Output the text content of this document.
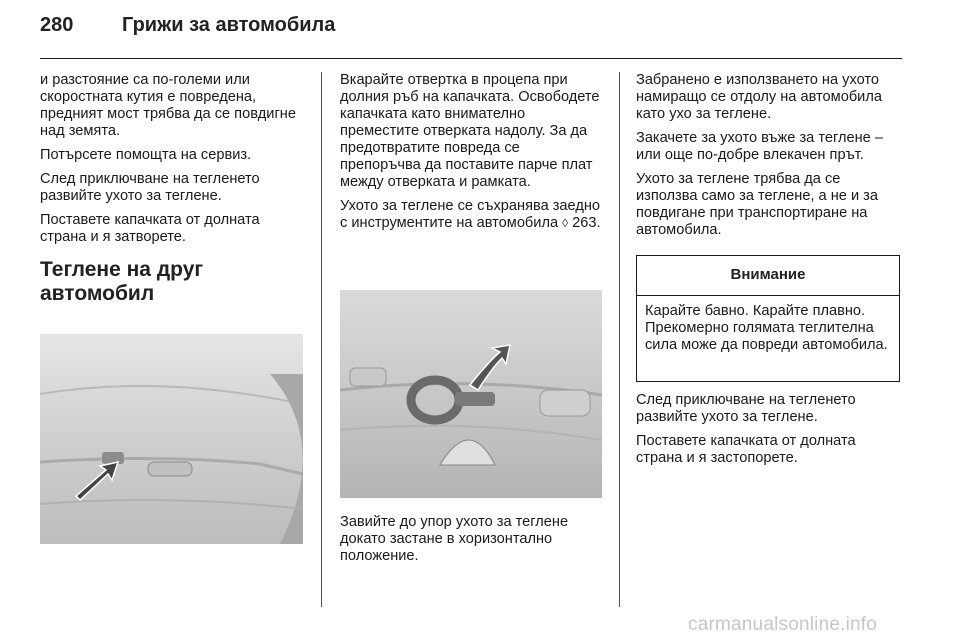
280 Грижи за автомобила

и разстояние са по-големи или скоростната кутия е повредена, предният мост трябва да се повдигне над земята.

Потърсете помощта на сервиз.

След приключване на тегленето развийте ухото за теглене.

Поставете капачката от долната страна и я затворете.

Теглене на друг автомобил

Вкарайте отвертка в процепа при долния ръб на капачката. Освободете капачката като внимателно преместите отверката надолу. За да предотвратите повреда се препоръчва да поставите парче плат между отверката и рамката.

Ухото за теглене се съхранява заедно с инструментите на автомобила ◊ 263.

Завийте до упор ухото за теглене докато застане в хоризонтално положение.

Забранено е използването на ухото намиращо се отдолу на автомобила като ухо за теглене.

Закачете за ухото въже за теглене – или още по-добре влекачен прът.

Ухото за теглене трябва да се използва само за теглене, а не и за повдигане при транспортиране на автомобила.

Внимание
Карайте бавно. Карайте плавно. Прекомерно голямата теглителна сила може да повреди автомобила.

След приключване на тегленето развийте ухото за теглене.

Поставете капачката от долната страна и я застопорете.

carmanualsonline.info
